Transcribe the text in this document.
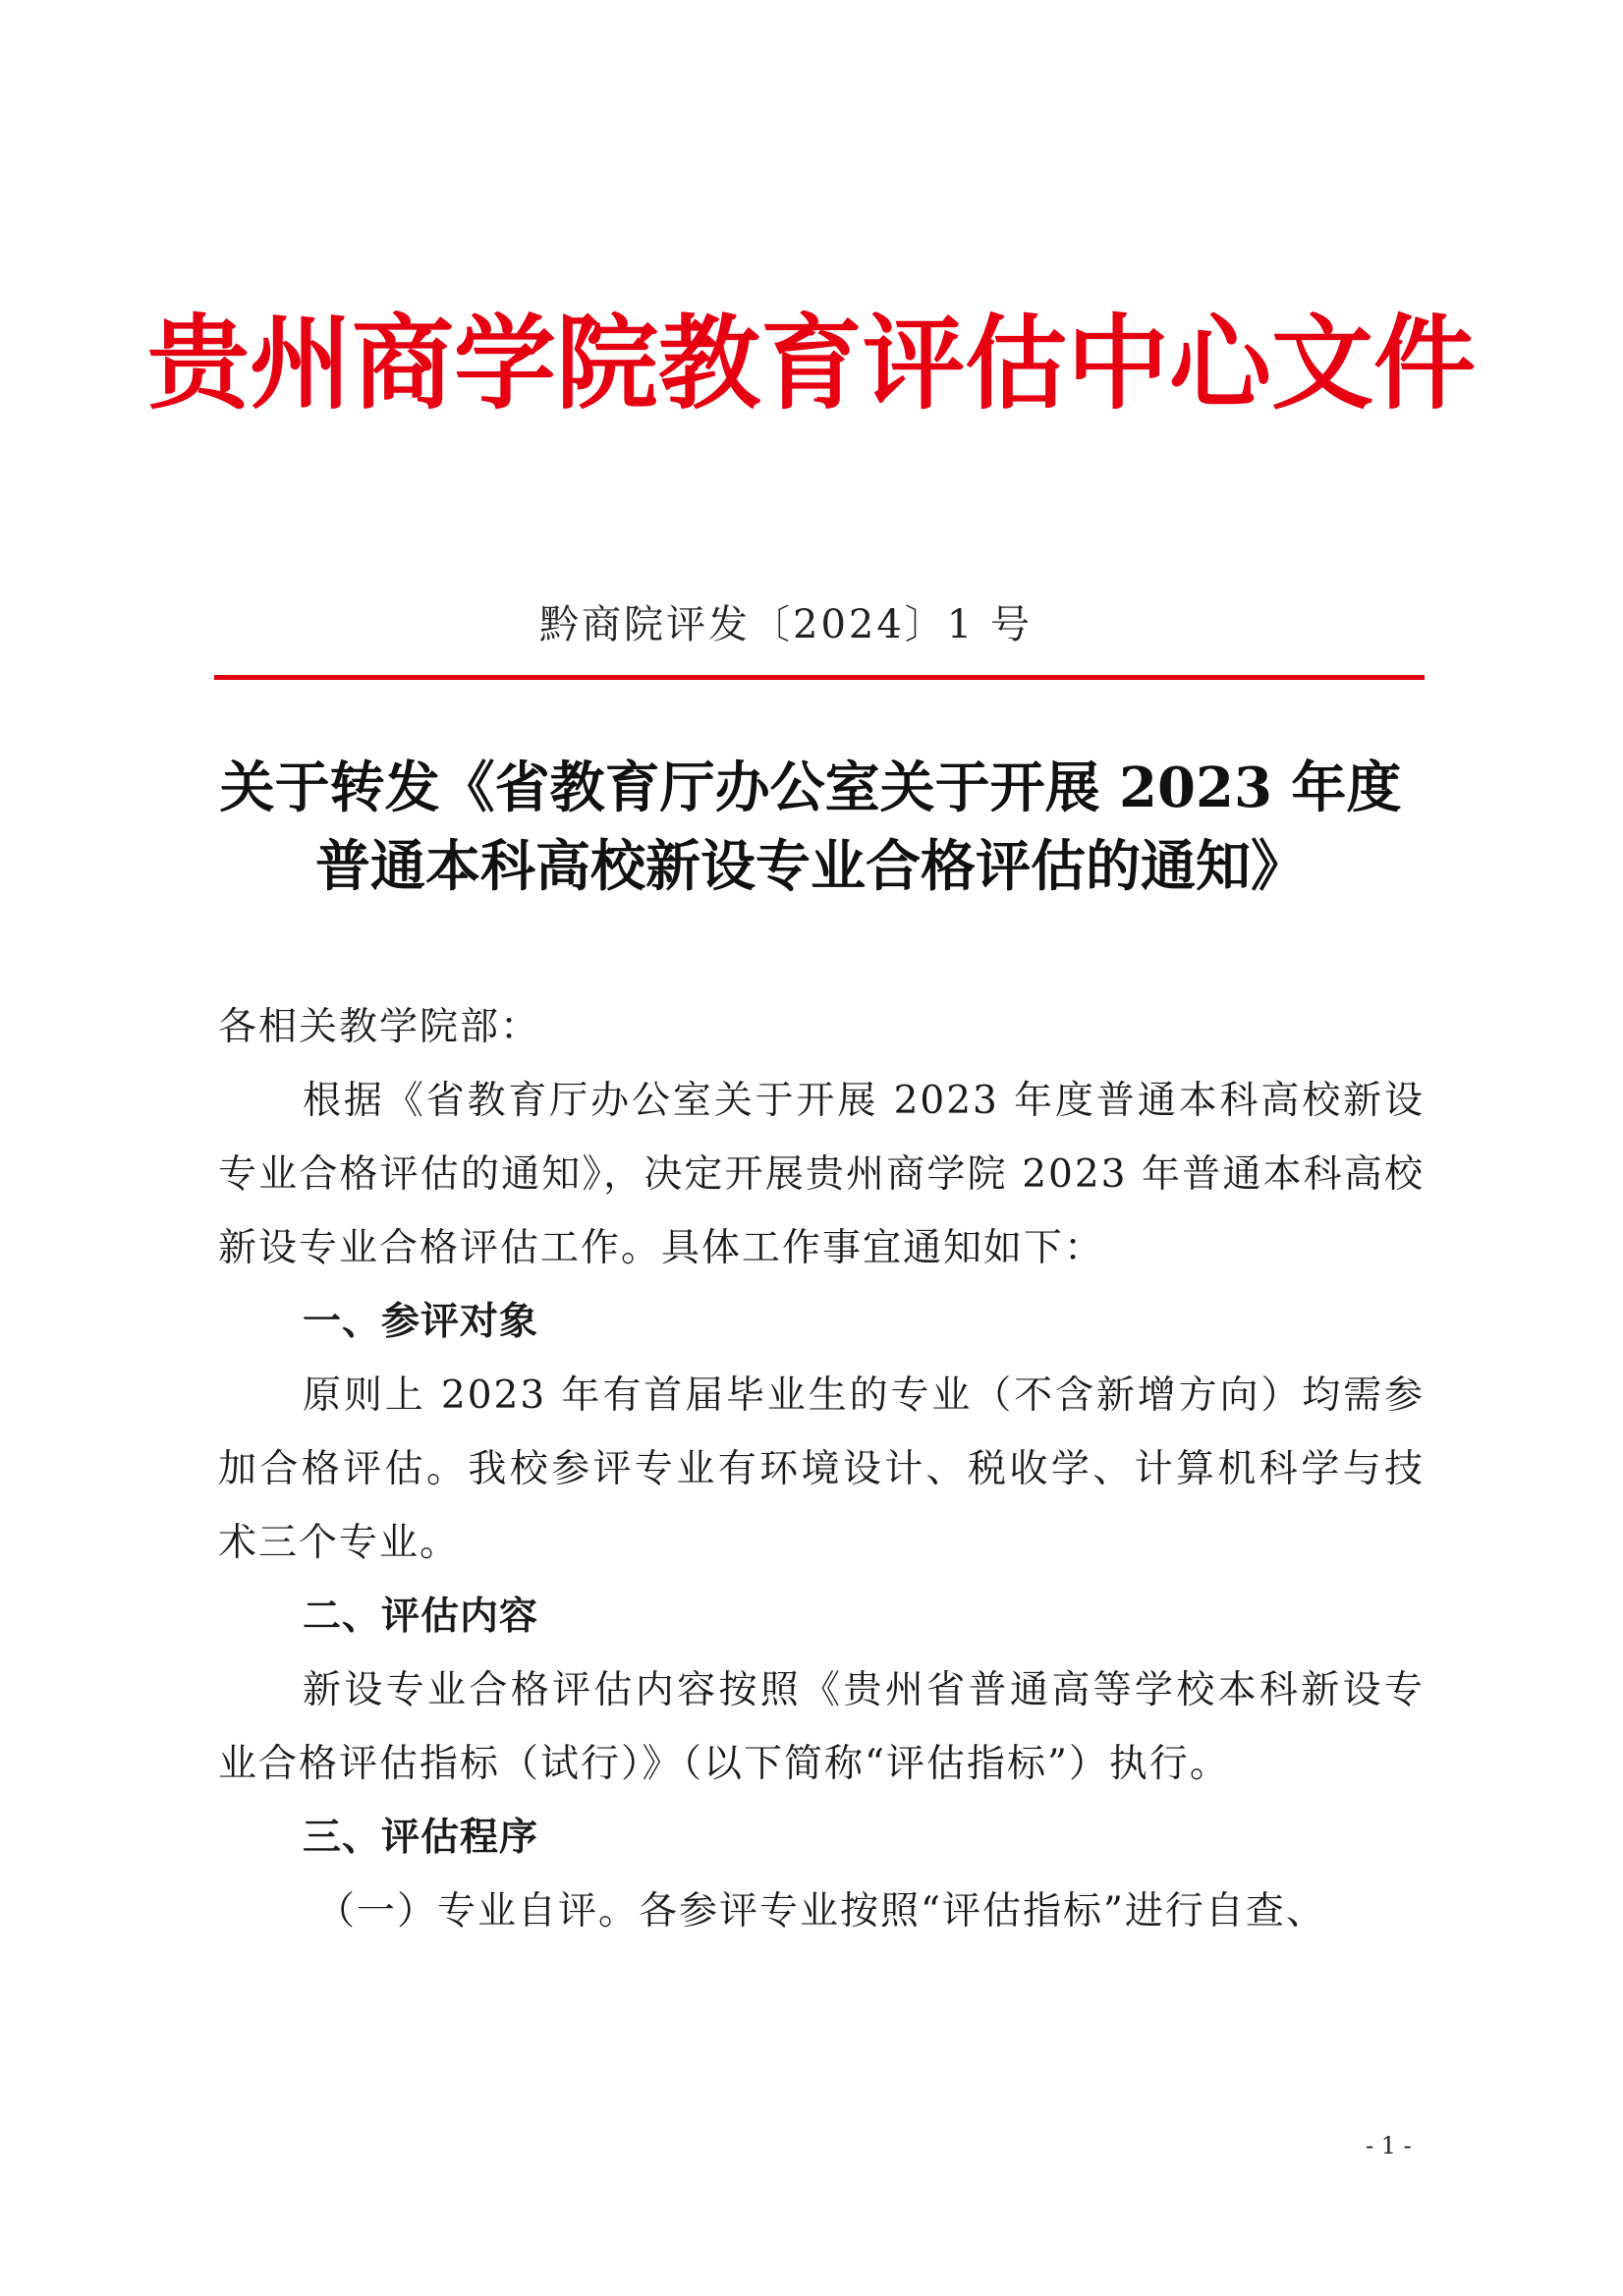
贵州商学院教育评估中心文件
黔商院评发〔2024〕1 号
关于转发《省教育厅办公室关于开展 2023 年度
普通本科高校新设专业合格评估的通知》

各相关教学院部：

根据《省教育厅办公室关于开展 2023 年度普通本科高校新设专业合格评估的通知》，决定开展贵州商学院 2023 年普通本科高校新设专业合格评估工作。具体工作事宜通知如下：

一、参评对象

原则上 2023 年有首届毕业生的专业（不含新增方向）均需参加合格评估。我校参评专业有环境设计、税收学、计算机科学与技术三个专业。

二、评估内容

新设专业合格评估内容按照《贵州省普通高等学校本科新设专业合格评估指标（试行）》（以下简称“评估指标”）执行。

三、评估程序

（一）专业自评。各参评专业按照“评估指标”进行自查、

- 1 -
